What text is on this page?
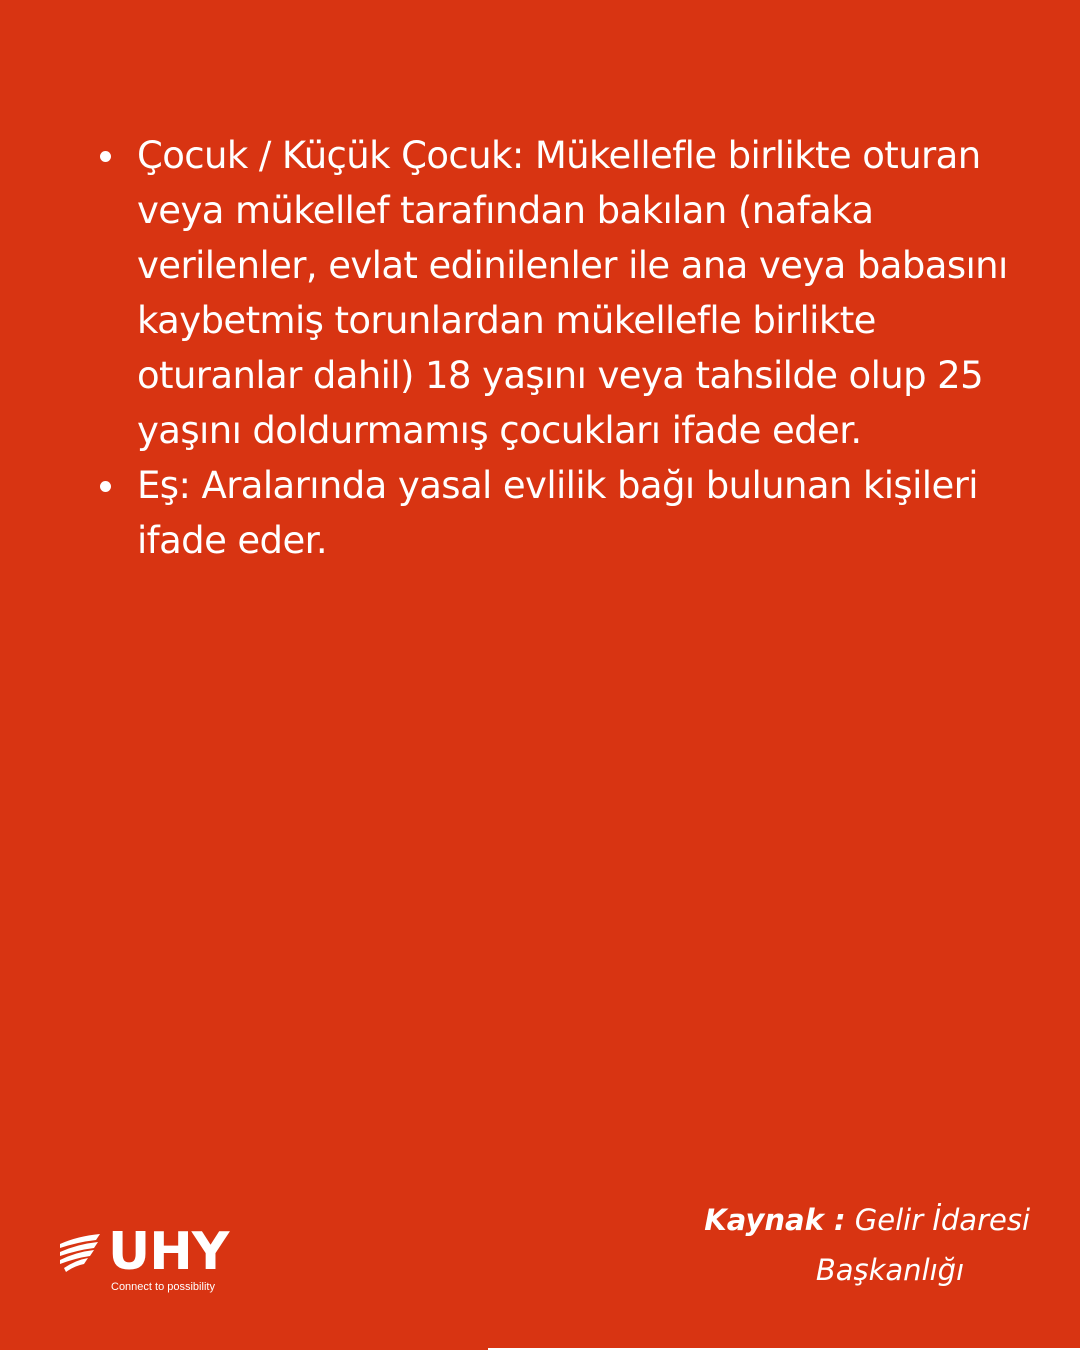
Çocuk / Küçük Çocuk: Mükellefle birlikte oturan veya mükellef tarafından bakılan (nafaka verilenler, evlat edinilenler ile ana veya babasını kaybetmiş torunlardan mükellefle birlikte oturanlar dahil) 18 yaşını veya tahsilde olup 25 yaşını doldurmamış çocukları ifade eder.
Eş: Aralarında yasal evlilik bağı bulunan kişileri ifade eder.
Kaynak : Gelir İdaresi
Başkanlığı
UHY
Connect to possibility
